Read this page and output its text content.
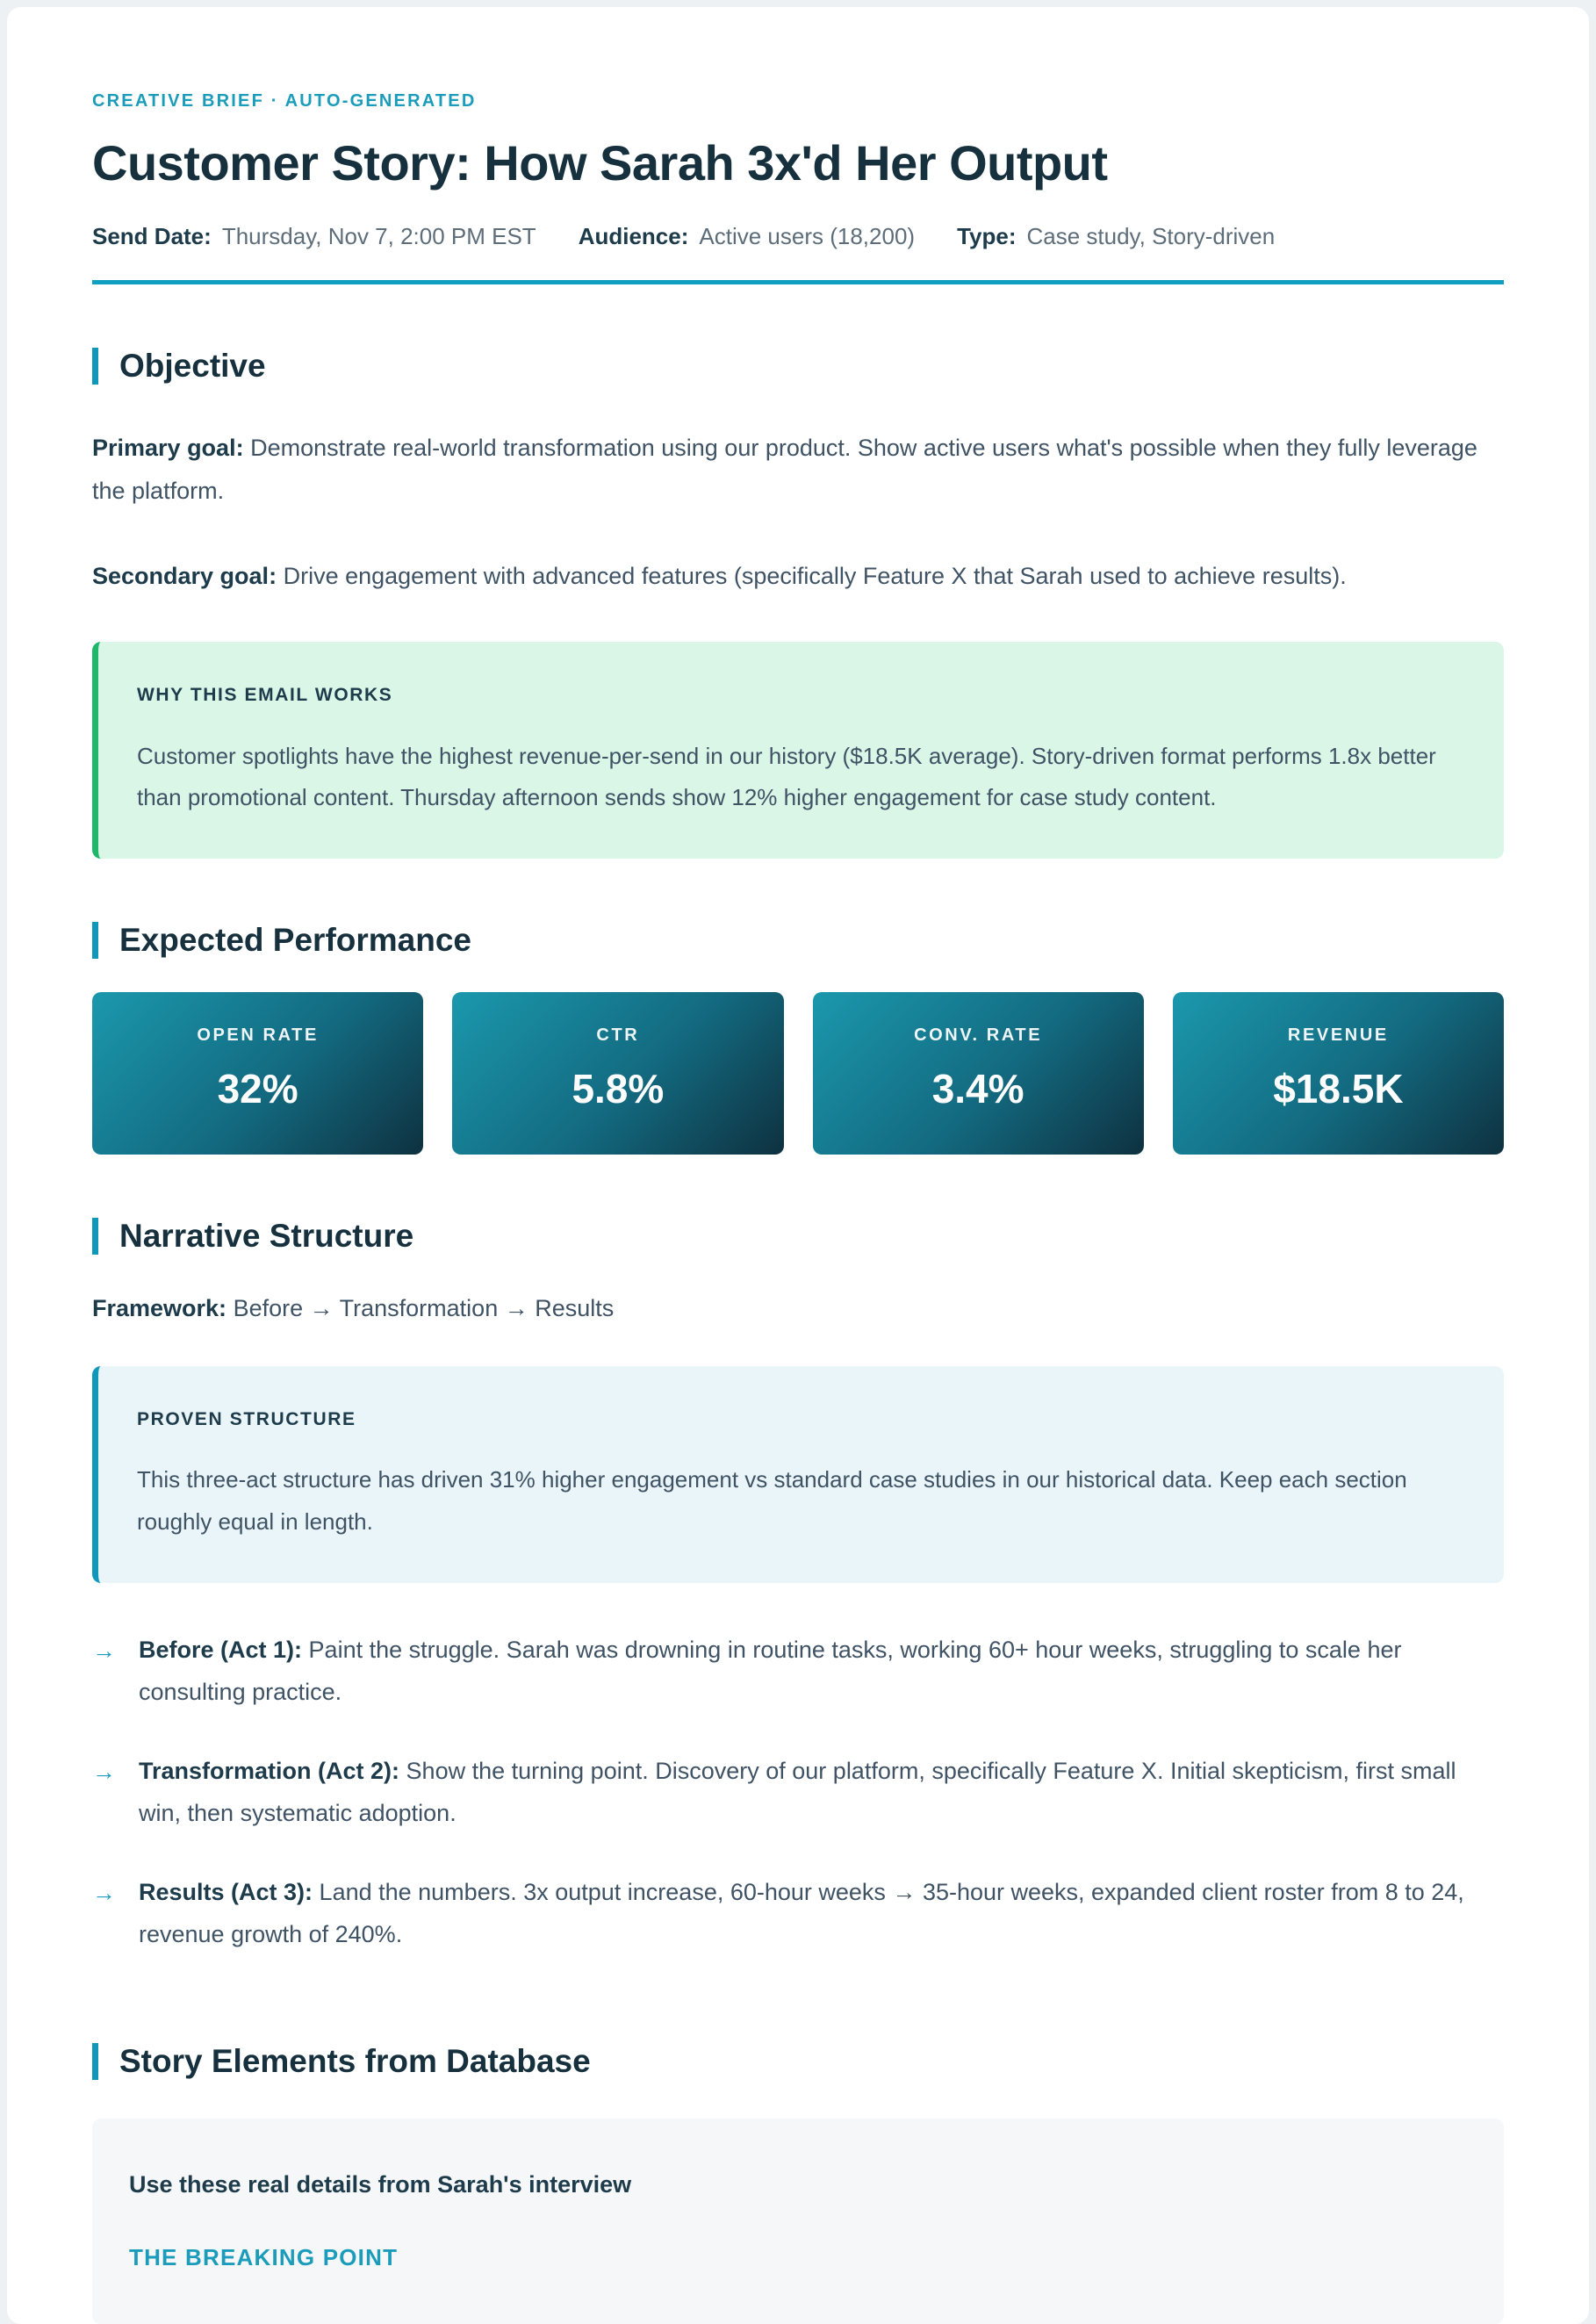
CREATIVE BRIEF · AUTO-GENERATED
Customer Story: How Sarah 3x'd Her Output
Send Date: Thursday, Nov 7, 2:00 PM EST Audience: Active users (18,200) Type: Case study, Story-driven
Objective

Primary goal: Demonstrate real-world transformation using our product. Show active users what's possible when they fully leverage the platform.

Secondary goal: Drive engagement with advanced features (specifically Feature X that Sarah used to achieve results).

WHY THIS EMAIL WORKS
Customer spotlights have the highest revenue-per-send in our history ($18.5K average). Story-driven format performs 1.8x better than promotional content. Thursday afternoon sends show 12% higher engagement for case study content.
Expected Performance
OPEN RATE
32%
CTR
5.8%
CONV. RATE
3.4%
REVENUE
$18.5K
Narrative Structure

Framework: Before → Transformation → Results

PROVEN STRUCTURE
This three-act structure has driven 31% higher engagement vs standard case studies in our historical data. Keep each section roughly equal in length.
→ Before (Act 1): Paint the struggle. Sarah was drowning in routine tasks, working 60+ hour weeks, struggling to scale her consulting practice.
→ Transformation (Act 2): Show the turning point. Discovery of our platform, specifically Feature X. Initial skepticism, first small win, then systematic adoption.
→ Results (Act 3): Land the numbers. 3x output increase, 60-hour weeks → 35-hour weeks, expanded client roster from 8 to 24, revenue growth of 240%.
Story Elements from Database
Use these real details from Sarah's interview
THE BREAKING POINT
